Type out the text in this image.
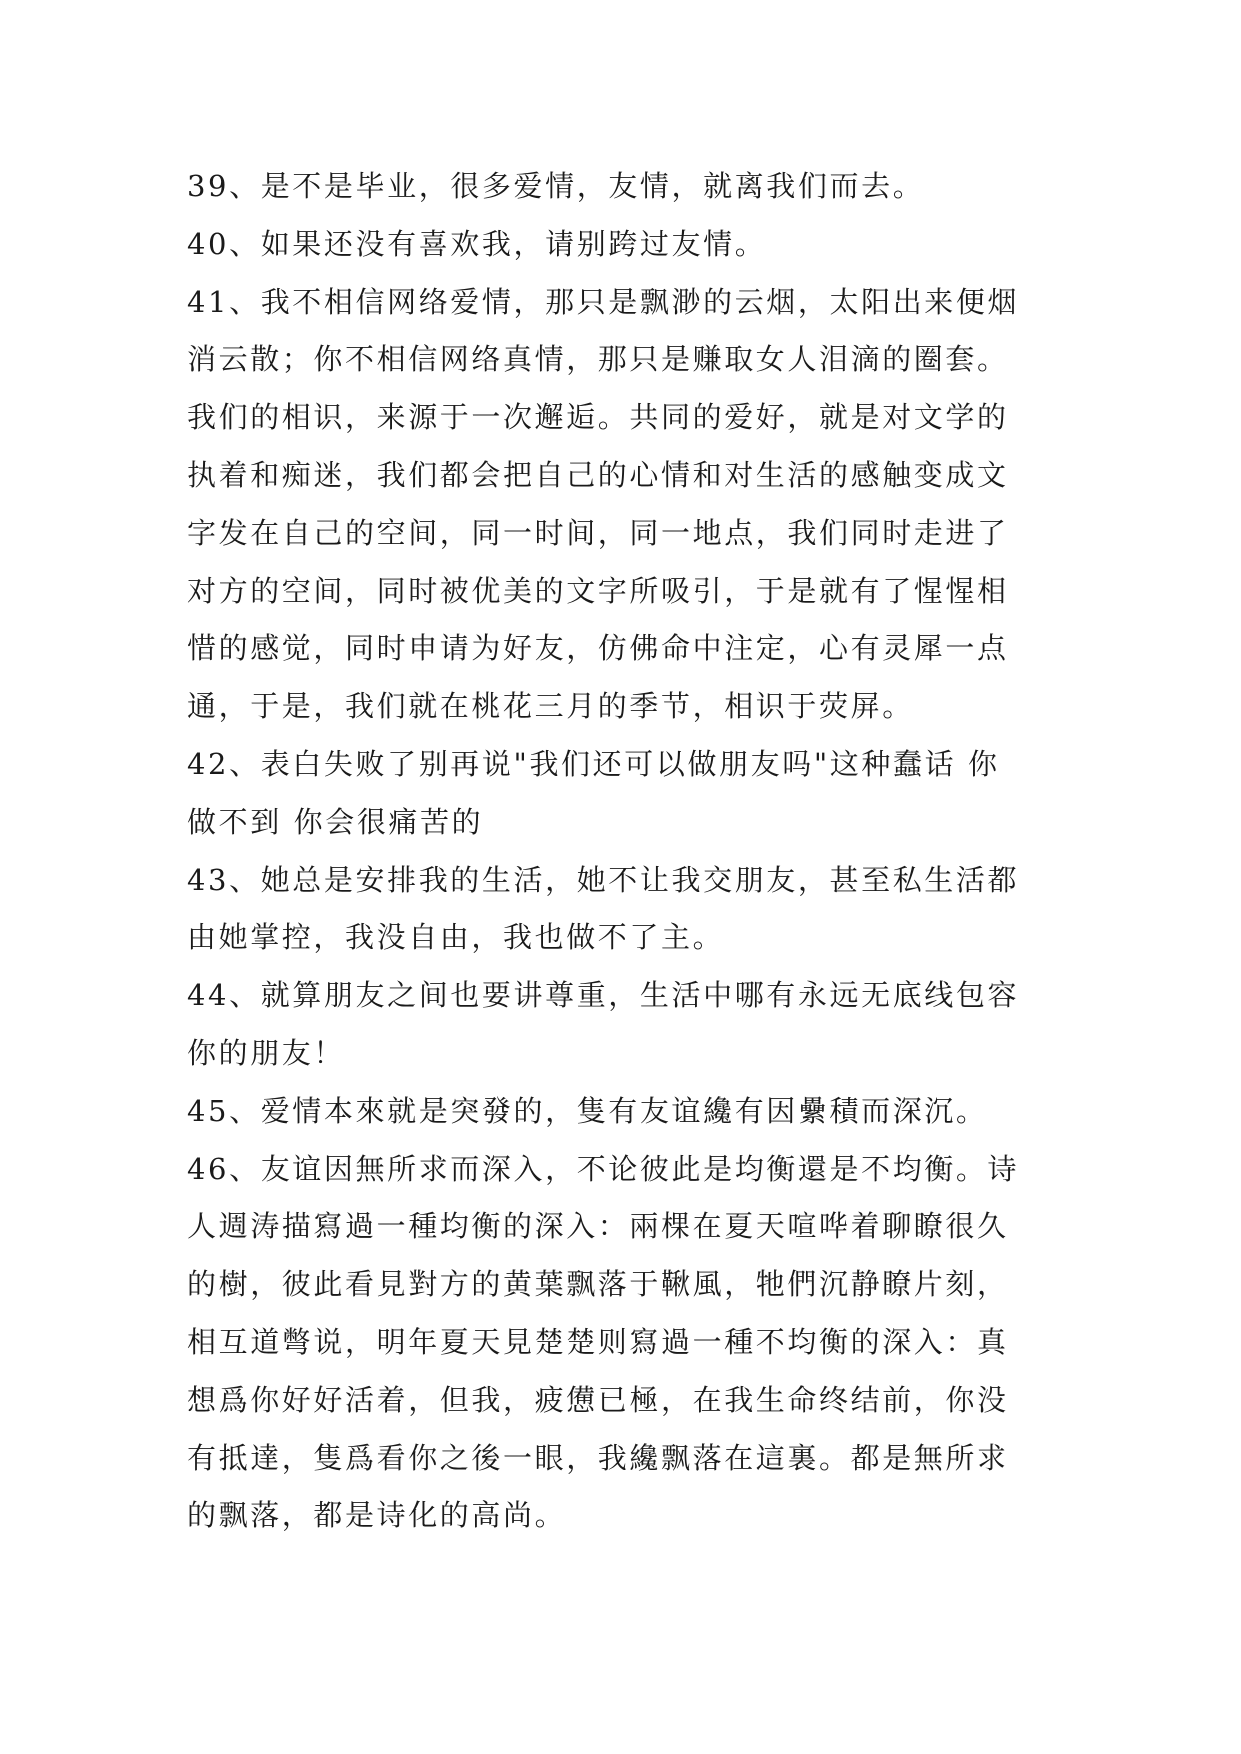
39、是不是毕业，很多爱情，友情，就离我们而去。
40、如果还没有喜欢我，请别跨过友情。
41、我不相信网络爱情，那只是飘渺的云烟，太阳出来便烟
消云散；你不相信网络真情，那只是赚取女人泪滴的圈套。
我们的相识，来源于一次邂逅。共同的爱好，就是对文学的
执着和痴迷，我们都会把自己的心情和对生活的感触变成文
字发在自己的空间，同一时间，同一地点，我们同时走进了
对方的空间，同时被优美的文字所吸引，于是就有了惺惺相
惜的感觉，同时申请为好友，仿佛命中注定，心有灵犀一点
通，于是，我们就在桃花三月的季节，相识于荧屏。
42、表白失败了别再说"我们还可以做朋友吗"这种蠢话 你
做不到 你会很痛苦的
43、她总是安排我的生活，她不让我交朋友，甚至私生活都
由她掌控，我没自由，我也做不了主。
44、就算朋友之间也要讲尊重，生活中哪有永远无底线包容
你的朋友！
45、爱情本來就是突發的，隻有友谊纔有因纍積而深沉。
46、友谊因無所求而深入，不论彼此是均衡還是不均衡。诗
人週涛描寫過一種均衡的深入：兩棵在夏天喧哗着聊瞭很久
的樹，彼此看見對方的黄葉飘落于鞦風，牠們沉静瞭片刻，
相互道彆说，明年夏天見楚楚则寫過一種不均衡的深入：真
想爲你好好活着，但我，疲憊已極，在我生命终结前，你没
有抵達，隻爲看你之後一眼，我纔飘落在這裏。都是無所求
的飘落，都是诗化的高尚。
